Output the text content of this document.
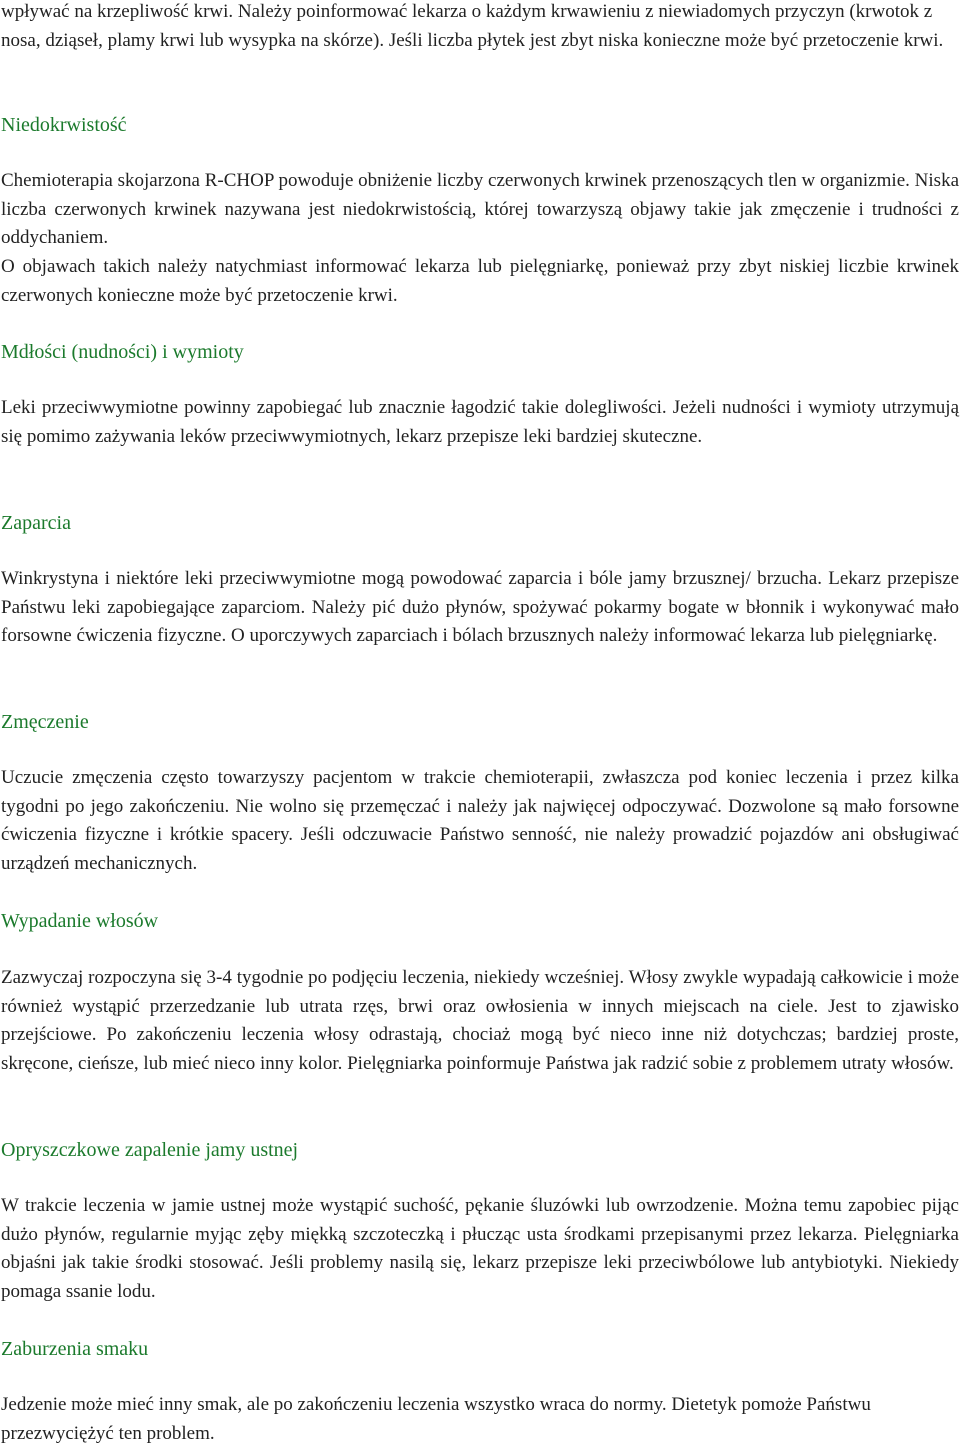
wpływać na krzepliwość krwi. Należy poinformować lekarza o każdym krwawieniu z niewiadomych przyczyn (krwotok z nosa, dziąseł, plamy krwi lub wysypka na skórze). Jeśli liczba płytek jest zbyt niska konieczne może być przetoczenie krwi.

Niedokrwistość

Chemioterapia skojarzona R-CHOP powoduje obniżenie liczby czerwonych krwinek przenoszących tlen w organizmie. Niska liczba czerwonych krwinek nazywana jest niedokrwistością, której towarzyszą objawy takie jak zmęczenie i trudności z oddychaniem.

O objawach takich należy natychmiast informować lekarza lub pielęgniarkę, ponieważ przy zbyt niskiej liczbie krwinek czerwonych konieczne może być przetoczenie krwi.

Mdłości (nudności) i wymioty

Leki przeciwwymiotne powinny zapobiegać lub znacznie łagodzić takie dolegliwości. Jeżeli nudności i wymioty utrzymują się pomimo zażywania leków przeciwwymiotnych, lekarz przepisze leki bardziej skuteczne.

Zaparcia

Winkrystyna i niektóre leki przeciwwymiotne mogą powodować zaparcia i bóle jamy brzusznej/ brzucha. Lekarz przepisze Państwu leki zapobiegające zaparciom. Należy pić dużo płynów, spożywać pokarmy bogate w błonnik i wykonywać mało forsowne ćwiczenia fizyczne. O uporczywych zaparciach i bólach brzusznych należy informować lekarza lub pielęgniarkę.

Zmęczenie

Uczucie zmęczenia często towarzyszy pacjentom w trakcie chemioterapii, zwłaszcza pod koniec leczenia i przez kilka tygodni po jego zakończeniu. Nie wolno się przemęczać i należy jak najwięcej odpoczywać. Dozwolone są mało forsowne ćwiczenia fizyczne i krótkie spacery. Jeśli odczuwacie Państwo senność, nie należy prowadzić pojazdów ani obsługiwać urządzeń mechanicznych.

Wypadanie włosów

Zazwyczaj rozpoczyna się 3-4 tygodnie po podjęciu leczenia, niekiedy wcześniej. Włosy zwykle wypadają całkowicie i może również wystąpić przerzedzanie lub utrata rzęs, brwi oraz owłosienia w innych miejscach na ciele. Jest to zjawisko przejściowe. Po zakończeniu leczenia włosy odrastają, chociaż mogą być nieco inne niż dotychczas; bardziej proste, skręcone, cieńsze, lub mieć nieco inny kolor. Pielęgniarka poinformuje Państwa jak radzić sobie z problemem utraty włosów.

Opryszczkowe zapalenie jamy ustnej

W trakcie leczenia w jamie ustnej może wystąpić suchość, pękanie śluzówki lub owrzodzenie. Można temu zapobiec pijąc dużo płynów, regularnie myjąc zęby miękką szczoteczką i płucząc usta środkami przepisanymi przez lekarza. Pielęgniarka objaśni jak takie środki stosować. Jeśli problemy nasilą się, lekarz przepisze leki przeciwbólowe lub antybiotyki. Niekiedy pomaga ssanie lodu.

Zaburzenia smaku

Jedzenie może mieć inny smak, ale po zakończeniu leczenia wszystko wraca do normy. Dietetyk pomoże Państwu przezwyciężyć ten problem.
